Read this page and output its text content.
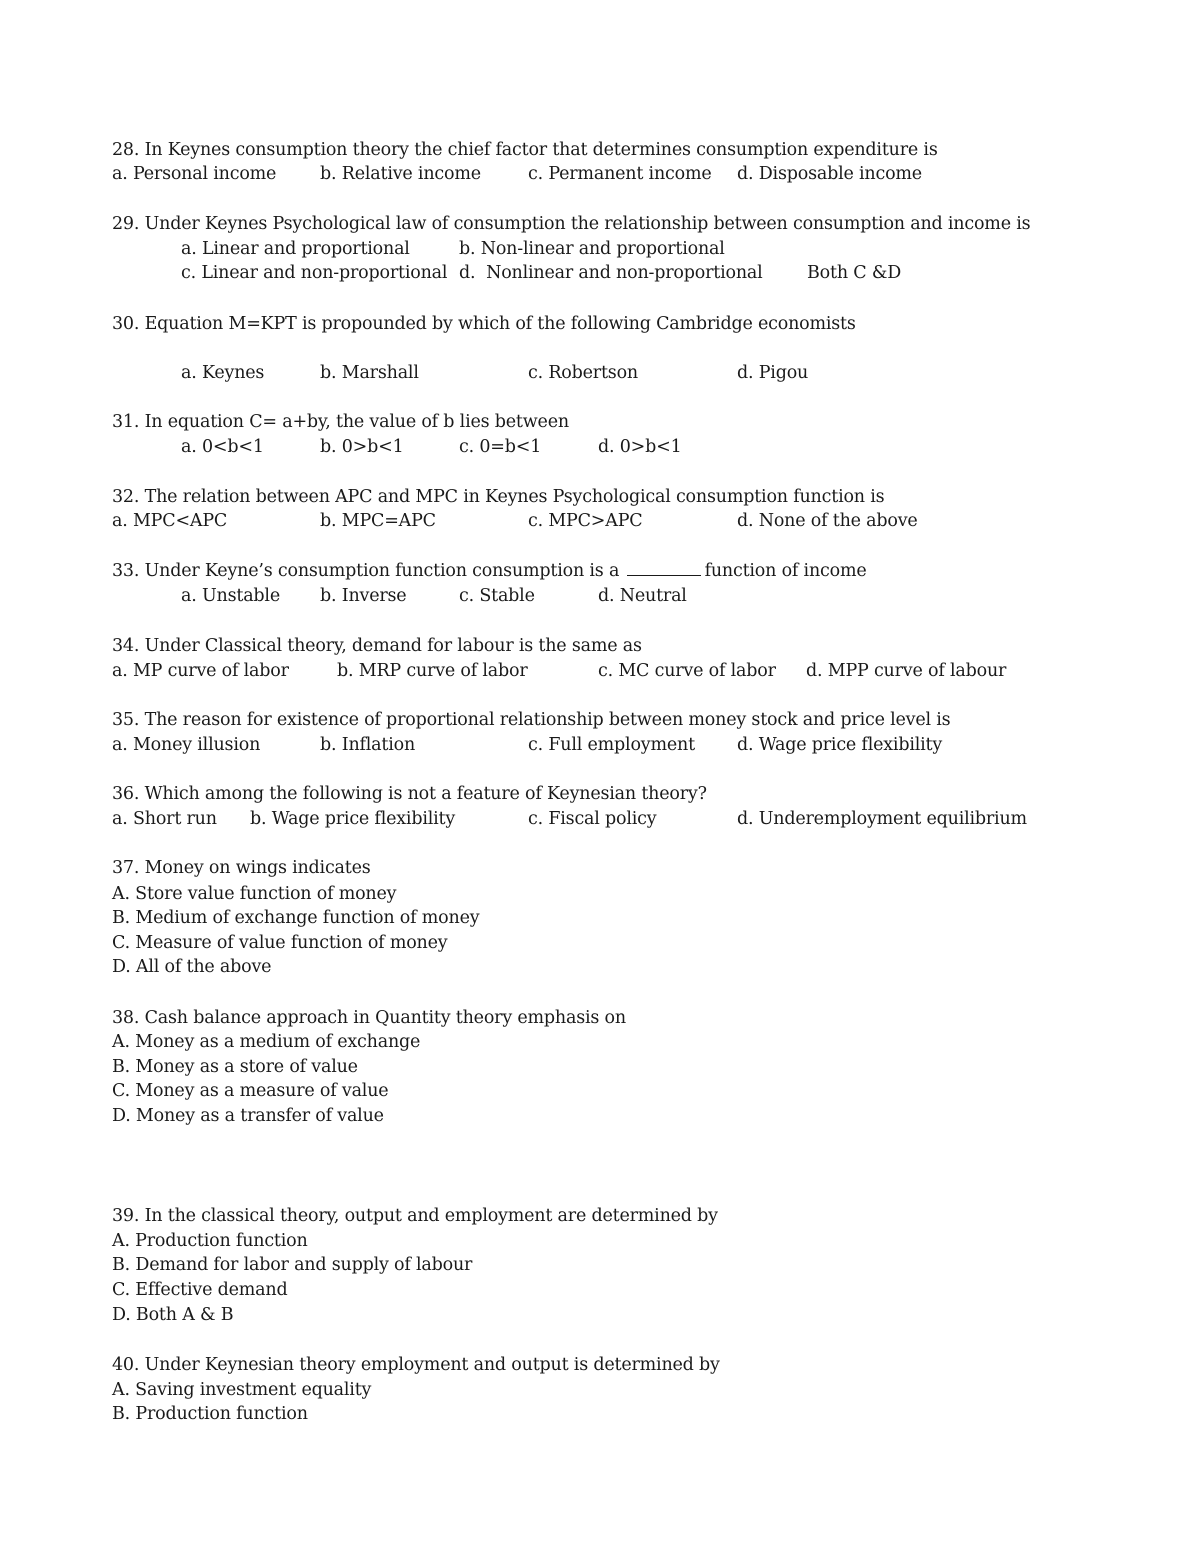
28. In Keynes consumption theory the chief factor that determines consumption expenditure is
a. Personal income	b. Relative income	c. Permanent income d. Disposable income
29. Under Keynes Psychological law of consumption the relationship between consumption and income is
a. Linear and proportional	b. Non-linear and proportional
c. Linear and non-proportional d.  Nonlinear and non-proportional	Both C &D
30. Equation M=KPT is propounded by which of the following Cambridge economists
a. Keynes	b. Marshall	c. Robertson	d. Pigou
31. In equation C= a+by, the value of b lies between
a. 0<b<1	b. 0>b<1	c. 0=b<1	d. 0>b<1
32. The relation between APC and MPC in Keynes Psychological consumption function is
a. MPC<APC	b. MPC=APC	c. MPC>APC	d. None of the above
33. Under Keyne’s consumption function consumption is a	function of income
a. Unstable b. Inverse	c. Stable	d. Neutral
34. Under Classical theory, demand for labour is the same as
a. MP curve of labor	b. MRP curve of labor	c. MC curve of labor d. MPP curve of labour
35. The reason for existence of proportional relationship between money stock and price level is
a. Money illusion	b. Inflation	c. Full employment d. Wage price flexibility
36. Which among the following is not a feature of Keynesian theory?
a. Short run b. Wage price flexibility	c. Fiscal policy	d. Underemployment equilibrium
37. Money on wings indicates
A. Store value function of money
B. Medium of exchange function of money
C. Measure of value function of money
D. All of the above
38. Cash balance approach in Quantity theory emphasis on
A. Money as a medium of exchange
B. Money as a store of value
C. Money as a measure of value
D. Money as a transfer of value
39. In the classical theory, output and employment are determined by
A. Production function
B. Demand for labor and supply of labour
C. Effective demand
D. Both A & B
40. Under Keynesian theory employment and output is determined by
A. Saving investment equality
B. Production function
